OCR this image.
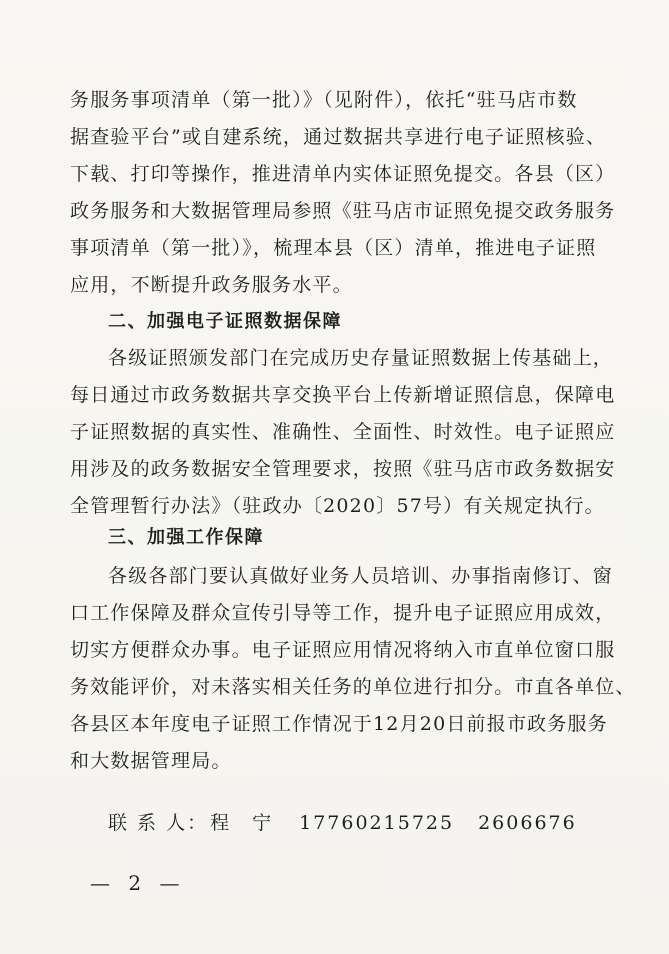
务服务事项清单（第一批）》（见附件），依托“驻马店市数
据查验平台”或自建系统，通过数据共享进行电子证照核验、
下载、打印等操作，推进清单内实体证照免提交。各县（区）
政务服务和大数据管理局参照《驻马店市证照免提交政务服务
事项清单（第一批）》，梳理本县（区）清单，推进电子证照
应用，不断提升政务服务水平。
二、加强电子证照数据保障
各级证照颁发部门在完成历史存量证照数据上传基础上，
每日通过市政务数据共享交换平台上传新增证照信息，保障电
子证照数据的真实性、准确性、全面性、时效性。电子证照应
用涉及的政务数据安全管理要求，按照《驻马店市政务数据安
全管理暂行办法》（驻政办〔2020〕57号）有关规定执行。
三、加强工作保障
各级各部门要认真做好业务人员培训、办事指南修订、窗
口工作保障及群众宣传引导等工作，提升电子证照应用成效，
切实方便群众办事。电子证照应用情况将纳入市直单位窗口服
务效能评价，对未落实相关任务的单位进行扣分。市直各单位、
各县区本年度电子证照工作情况于12月20日前报市政务服务
和大数据管理局。
联 系 人： 程　宁 17760215725 2606676
— 2 —
